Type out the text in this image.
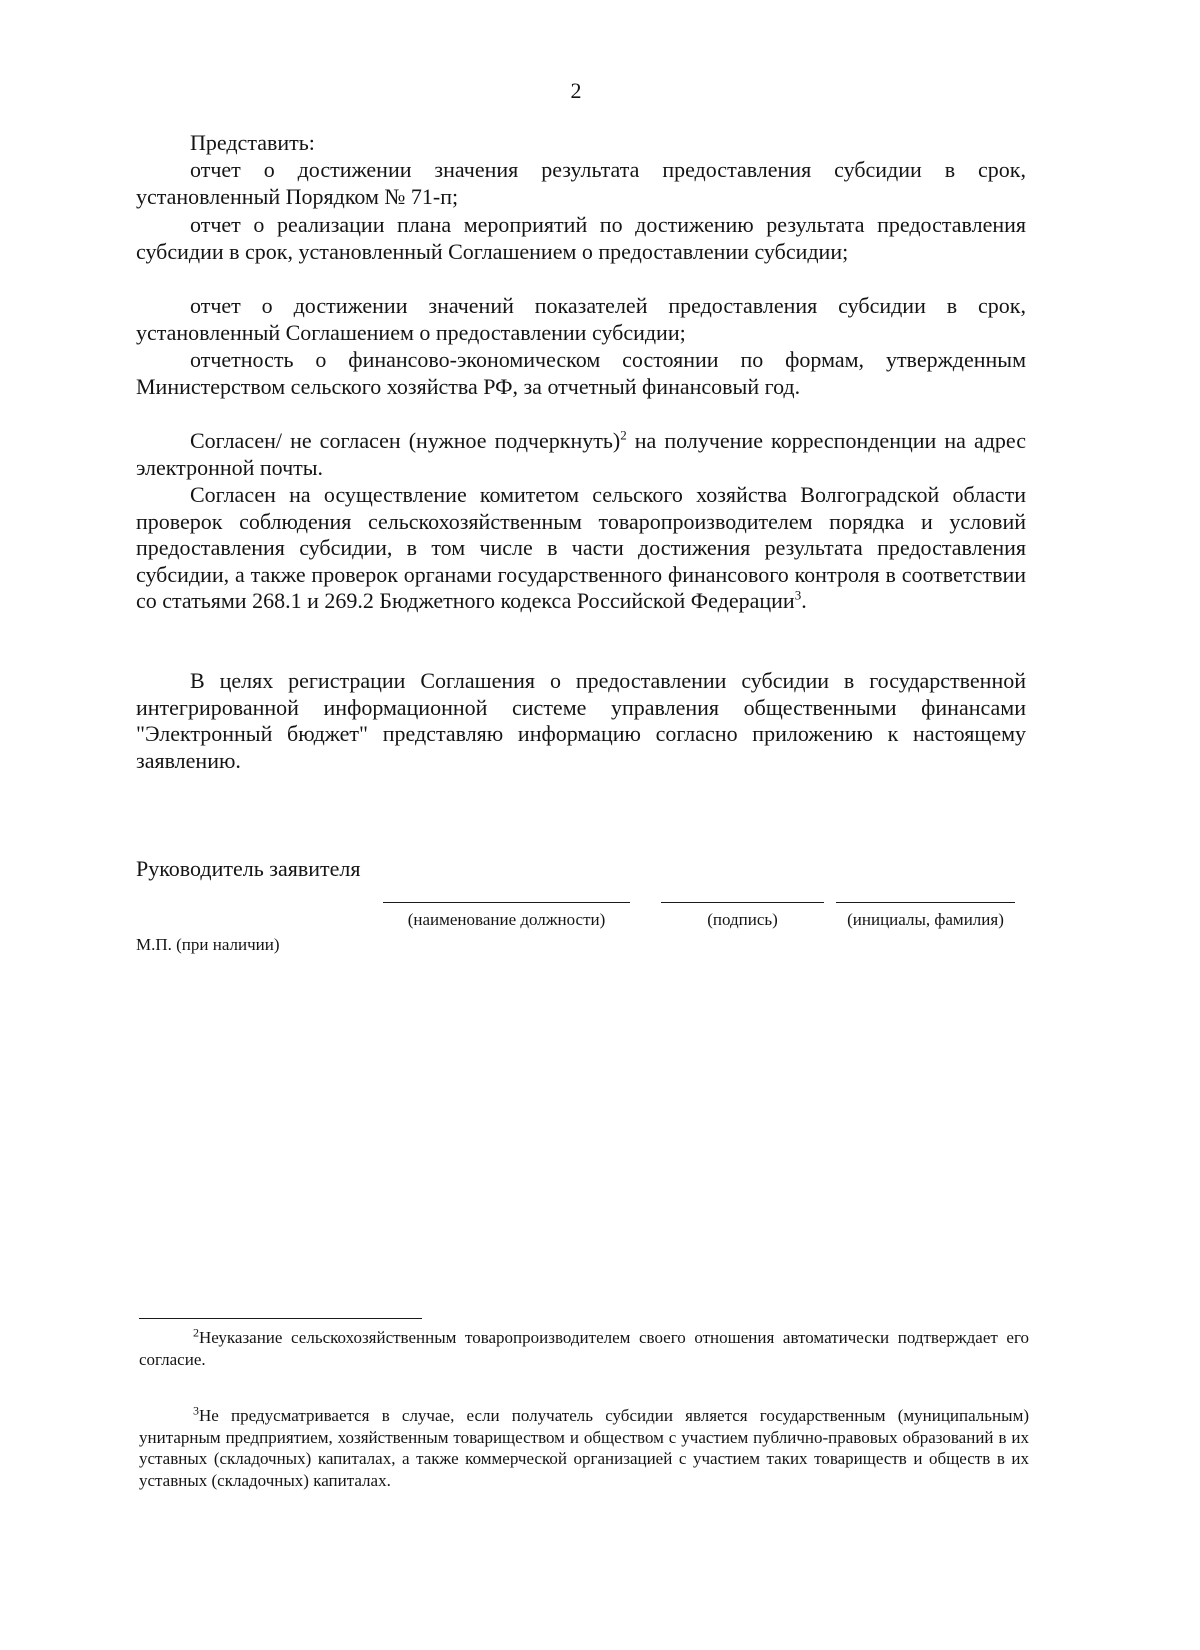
2

Представить:

отчет о достижении значения результата предоставления субсидии в срок, установленный Порядком № 71-п;

отчет о реализации плана мероприятий по достижению результата предоставления субсидии в срок, установленный Соглашением о предоставлении субсидии;

отчет о достижении значений показателей предоставления субсидии в срок, установленный Соглашением о предоставлении субсидии;

отчетность о финансово-экономическом состоянии по формам, утвержденным Министерством сельского хозяйства РФ, за отчетный финансовый год.

Согласен/ не согласен (нужное подчеркнуть)$^2$ на получение корреспонденции на адрес электронной почты.

Согласен на осуществление комитетом сельского хозяйства Волгоградской области проверок соблюдения сельскохозяйственным товаропроизводителем порядка и условий предоставления субсидии, в том числе в части достижения результата предоставления субсидии, а также проверок органами государственного финансового контроля в соответствии со статьями 268.1 и 269.2 Бюджетного кодекса Российской Федерации$^3$.

В целях регистрации Соглашения о предоставлении субсидии в государственной интегрированной информационной системе управления общественными финансами "Электронный бюджет" представляю информацию согласно приложению к настоящему заявлению.

Руководитель заявителя
(наименование должности)	(подпись)	(инициалы, фамилия)
М.П. (при наличии)

$^2$Неуказание сельскохозяйственным товаропроизводителем своего отношения автоматически подтверждает его согласие.

$^3$Не предусматривается в случае, если получатель субсидии является государственным (муниципальным) унитарным предприятием, хозяйственным товариществом и обществом с участием публично-правовых образований в их уставных (складочных) капиталах, а также коммерческой организацией с участием таких товариществ и обществ в их уставных (складочных) капиталах.
